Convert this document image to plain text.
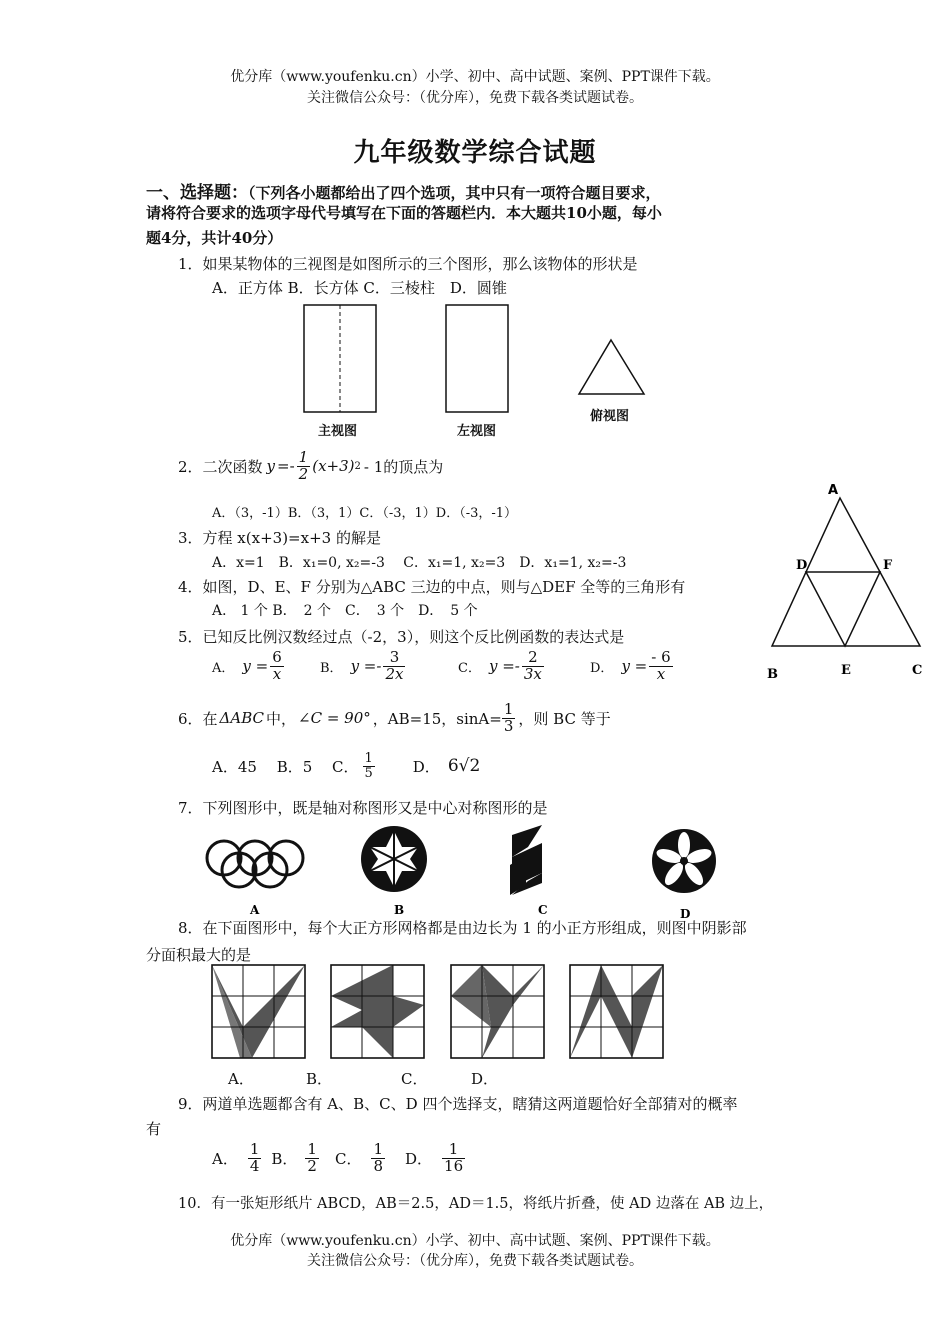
优分库（www.youfenku.cn）小学、初中、高中试题、案例、PPT课件下载。
关注微信公众号：（优分库），免费下载各类试题试卷。
九年级数学综合试题
一、选择题：（下列各小题都给出了四个选项，其中只有一项符合题目要求，
请将符合要求的选项字母代号填写在下面的答题栏内．本大题共10小题，每小
题4分，共计40分）
1．如果某物体的三视图是如图所示的三个图形，那么该物体的形状是
A．正方体 B．长方体 C．三棱柱　D．圆锥
主视图	左视图
俯视图
2．二次函数 $y =- \frac{1}{2} (x+3)$ 2 - 1的顶点为
A．（3，-1）B．（3，1）C．（-3，1）D．（-3，-1）
3．方程 x(x+3)=x+3 的解是
A．x=1　B．x₁=0, x₂=-3　 C．x₁=1, x₂=3　D．x₁=1, x₂=-3
4．如图，D、E、F 分别为△ABC 三边的中点，则与△DEF 全等的三角形有
A． 1 个 B．　2 个　C．　3 个　D．　5 个
A
D	F
B	E	C
5．已知反比例汉数经过点（-2，3），则这个反比例函数的表达式是
A． $y = \frac{6}{x}$	B． $y =- \frac{3}{2x}$	C． $y =- \frac{2}{3x}$	D． $y = \frac{- 6}{x}$
6．在 ΔABC 中， ∠C = 90° ，AB=15，$\sin A= \frac{1}{3}$ ，则 BC 等于
A．45　 B．5　 C． $\frac{1}{5}$	D． 6√2
7．下列图形中，既是轴对称图形又是中心对称图形的是
A	B	C	D
8．在下面图形中，每个大正方形网格都是由边长为 1 的小正方形组成，则图中阴影部
分面积最大的是
A．	B．	C．	D．
9．两道单选题都含有 A、B、C、D 四个选择支，瞎猜这两道题恰好全部猜对的概率
有
A． $\frac{1}{4}$ B． $\frac{1}{2}$ C． $\frac{1}{8}$ D． $\frac{1}{16}$
10．有一张矩形纸片 ABCD，AB＝2.5，AD＝1.5，将纸片折叠，使 AD 边落在 AB 边上，
优分库（www.youfenku.cn）小学、初中、高中试题、案例、PPT课件下载。
关注微信公众号：（优分库），免费下载各类试题试卷。
